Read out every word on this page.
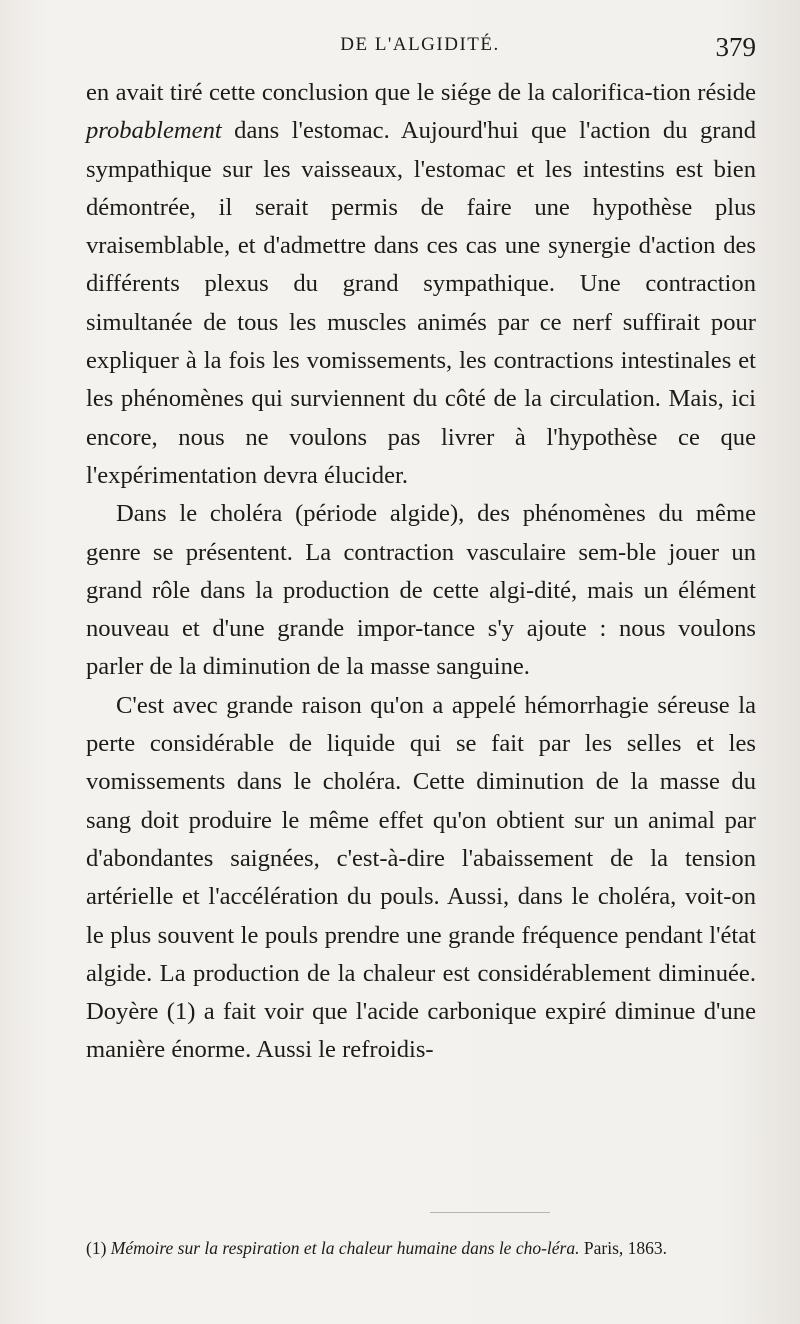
DE L'ALGIDITÉ.	379

en avait tiré cette conclusion que le siége de la calorifica-tion réside probablement dans l'estomac. Aujourd'hui que l'action du grand sympathique sur les vaisseaux, l'estomac et les intestins est bien démontrée, il serait permis de faire une hypothèse plus vraisemblable, et d'admettre dans ces cas une synergie d'action des différents plexus du grand sympathique. Une contraction simultanée de tous les muscles animés par ce nerf suffirait pour expliquer à la fois les vomissements, les contractions intestinales et les phénomènes qui surviennent du côté de la circulation. Mais, ici encore, nous ne voulons pas livrer à l'hypothèse ce que l'expérimentation devra élucider.

Dans le choléra (période algide), des phénomènes du même genre se présentent. La contraction vasculaire sem-ble jouer un grand rôle dans la production de cette algi-dité, mais un élément nouveau et d'une grande impor-tance s'y ajoute : nous voulons parler de la diminution de la masse sanguine.

C'est avec grande raison qu'on a appelé hémorrhagie séreuse la perte considérable de liquide qui se fait par les selles et les vomissements dans le choléra. Cette diminution de la masse du sang doit produire le même effet qu'on obtient sur un animal par d'abondantes saignées, c'est-à-dire l'abaissement de la tension artérielle et l'accélération du pouls. Aussi, dans le choléra, voit-on le plus souvent le pouls prendre une grande fréquence pendant l'état algide. La production de la chaleur est considérablement diminuée. Doyère (1) a fait voir que l'acide carbonique expiré diminue d'une manière énorme. Aussi le refroidis-

(1) Mémoire sur la respiration et la chaleur humaine dans le cho-léra. Paris, 1863.
